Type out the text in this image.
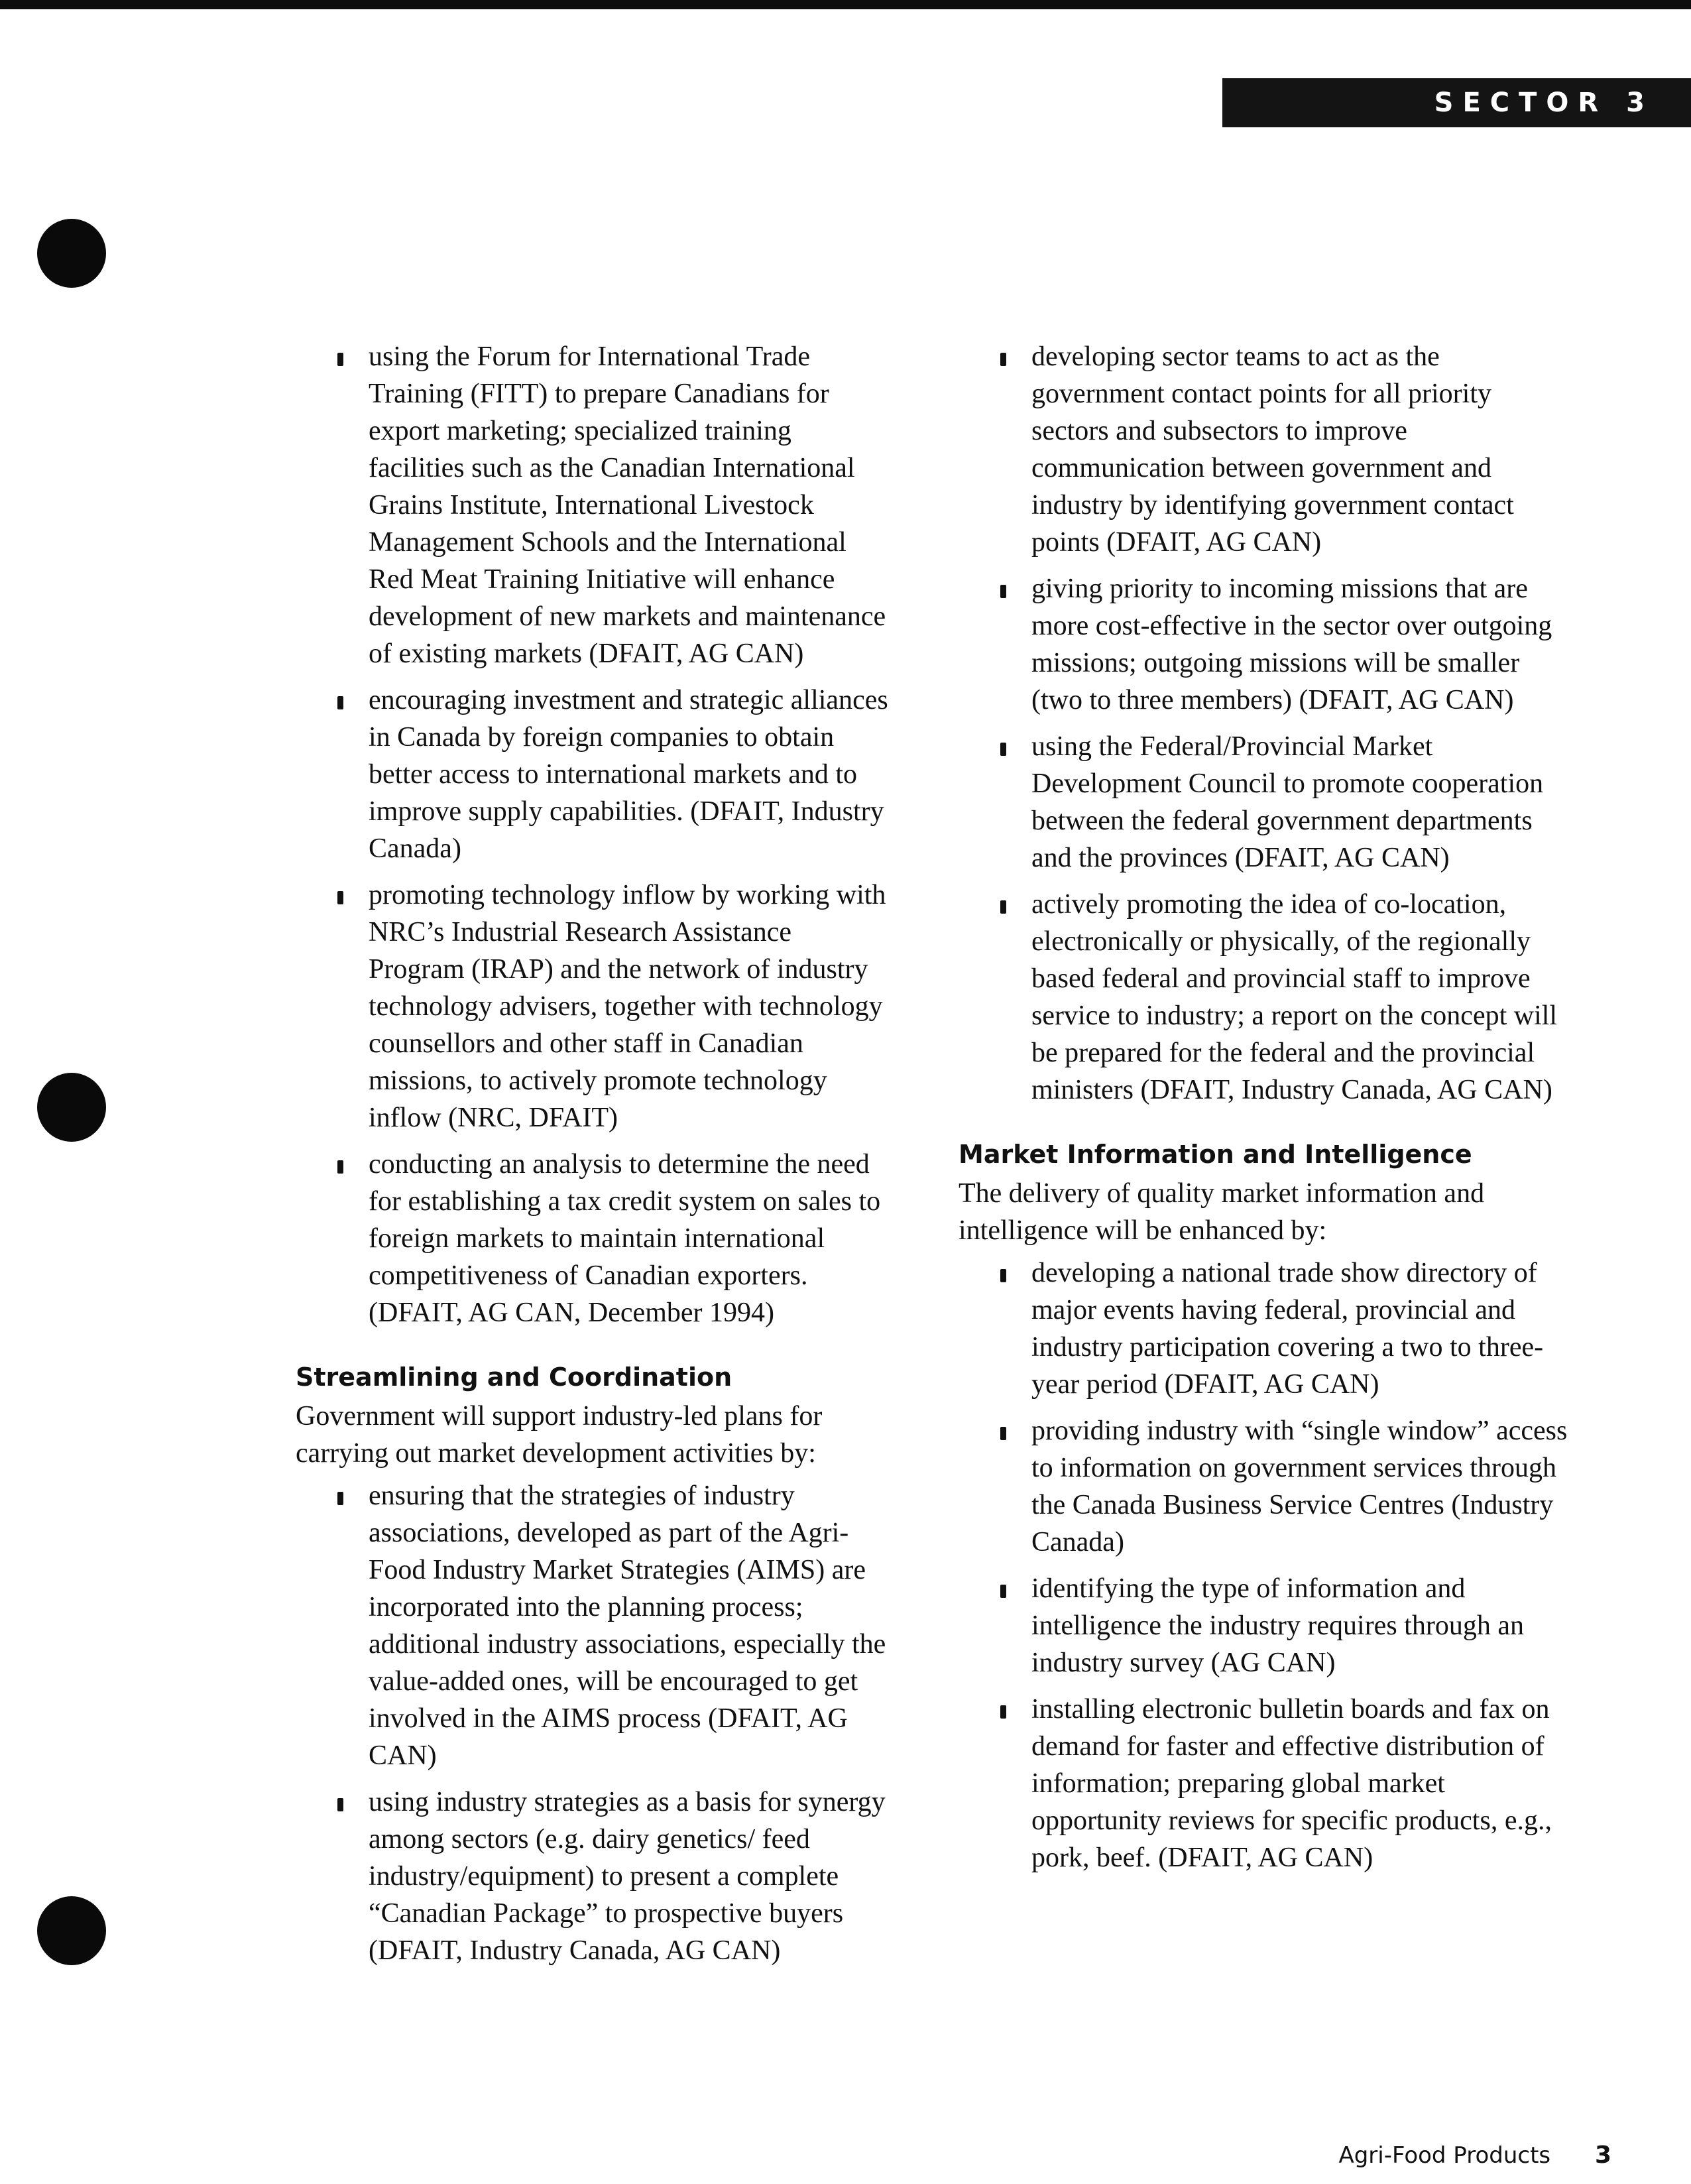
SECTOR 3
using the Forum for International Trade Training (FITT) to prepare Canadians for export marketing; specialized training facilities such as the Canadian International Grains Institute, International Livestock Management Schools and the International Red Meat Training Initiative will enhance development of new markets and maintenance of existing markets (DFAIT, AG CAN)
encouraging investment and strategic alliances in Canada by foreign companies to obtain better access to international markets and to improve supply capabilities. (DFAIT, Industry Canada)
promoting technology inflow by working with NRC’s Industrial Research Assistance Program (IRAP) and the network of industry technology advisers, together with technology counsellors and other staff in Canadian missions, to actively promote technology inflow (NRC, DFAIT)
conducting an analysis to determine the need for establishing a tax credit system on sales to foreign markets to maintain international competitiveness of Canadian exporters. (DFAIT, AG CAN, December 1994)
Streamlining and Coordination

Government will support industry-led plans for carrying out market development activities by:

ensuring that the strategies of industry associations, developed as part of the Agri-Food Industry Market Strategies (AIMS) are incorporated into the planning process; additional industry associations, especially the value-added ones, will be encouraged to get involved in the AIMS process (DFAIT, AG CAN)
using industry strategies as a basis for synergy among sectors (e.g. dairy genetics/ feed industry/equipment) to present a complete “Canadian Package” to prospective buyers (DFAIT, Industry Canada, AG CAN)
developing sector teams to act as the government contact points for all priority sectors and subsectors to improve communication between government and industry by identifying government contact points (DFAIT, AG CAN)
giving priority to incoming missions that are more cost-effective in the sector over outgoing missions; outgoing missions will be smaller (two to three members) (DFAIT, AG CAN)
using the Federal/Provincial Market Development Council to promote cooperation between the federal government departments and the provinces (DFAIT, AG CAN)
actively promoting the idea of co-location, electronically or physically, of the regionally based federal and provincial staff to improve service to industry; a report on the concept will be prepared for the federal and the provincial ministers (DFAIT, Industry Canada, AG CAN)
Market Information and Intelligence

The delivery of quality market information and intelligence will be enhanced by:

developing a national trade show directory of major events having federal, provincial and industry participation covering a two to three-year period (DFAIT, AG CAN)
providing industry with “single window” access to information on government services through the Canada Business Service Centres (Industry Canada)
identifying the type of information and intelligence the industry requires through an industry survey (AG CAN)
installing electronic bulletin boards and fax on demand for faster and effective distribution of information; preparing global market opportunity reviews for specific products, e.g., pork, beef. (DFAIT, AG CAN)
Agri-Food Products 3
